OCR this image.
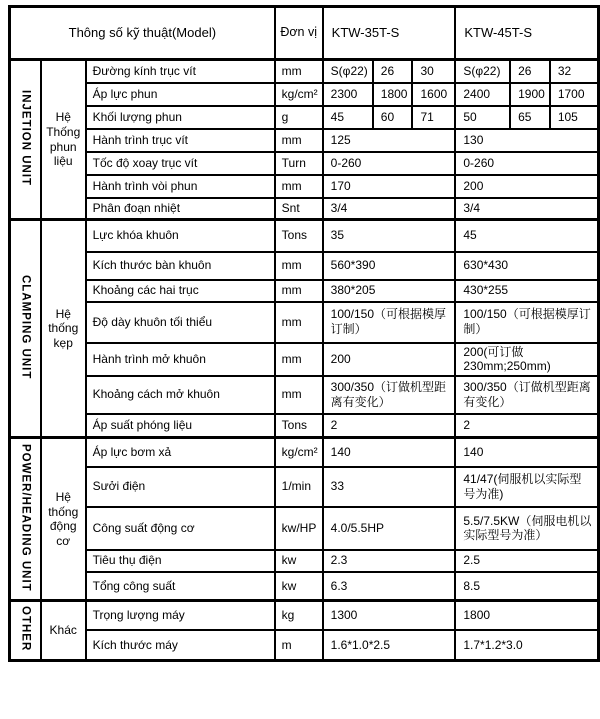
Thông số kỹ thuật(Model)			Đơn vị	KTW-35T-S			KTW-45T-S		
INJETION UNIT	Hệ Thống phun liệu	Đường kính trục vít	mm	S(φ22)	26	30	S(φ22)	26	32
		Áp lực phun	kg/cm²	2300	1800	1600	2400	1900	1700
		Khối lượng phun	g	45	60	71	50	65	105
		Hành trình trục vít	mm	125			130		
		Tốc độ xoay trục vít	Turn	0-260			0-260		
		Hành trình vòi phun	mm	170			200		
		Phân đoạn nhiệt	Snt	3/4			3/4		
CLAMPING UNIT	Hệ thống kẹp	Lực khóa khuôn	Tons	35			45		
		Kích thước bàn khuôn	mm	560*390			630*430		
		Khoảng các hai trục	mm	380*205			430*255		
		Độ dày khuôn tối thiểu	mm	100/150（可根据模厚订制）			100/150（可根据模厚订制）		
		Hành trình mở khuôn	mm	200			200(可订做230mm;250mm)		
		Khoảng cách mở khuôn	mm	300/350（订做机型距离有变化）			300/350（订做机型距离有变化）		
		Áp suất phóng liệu	Tons	2			2		
POWER/HEADING UNIT	Hệ thống động cơ	Áp lực bơm xả	kg/cm²	140			140		
		Sưởi điện	1/min	33			41/47(伺服机以实际型号为准)		
		Công suất động cơ	kw/HP	4.0/5.5HP			5.5/7.5KW（伺服电机以实际型号为准）		
		Tiêu thụ điện	kw	2.3			2.5		
		Tổng công suất	kw	6.3			8.5		
OTHER	Khác	Trọng lượng máy	kg	1300			1800		
		Kích thước máy	m	1.6*1.0*2.5			1.7*1.2*3.0		
